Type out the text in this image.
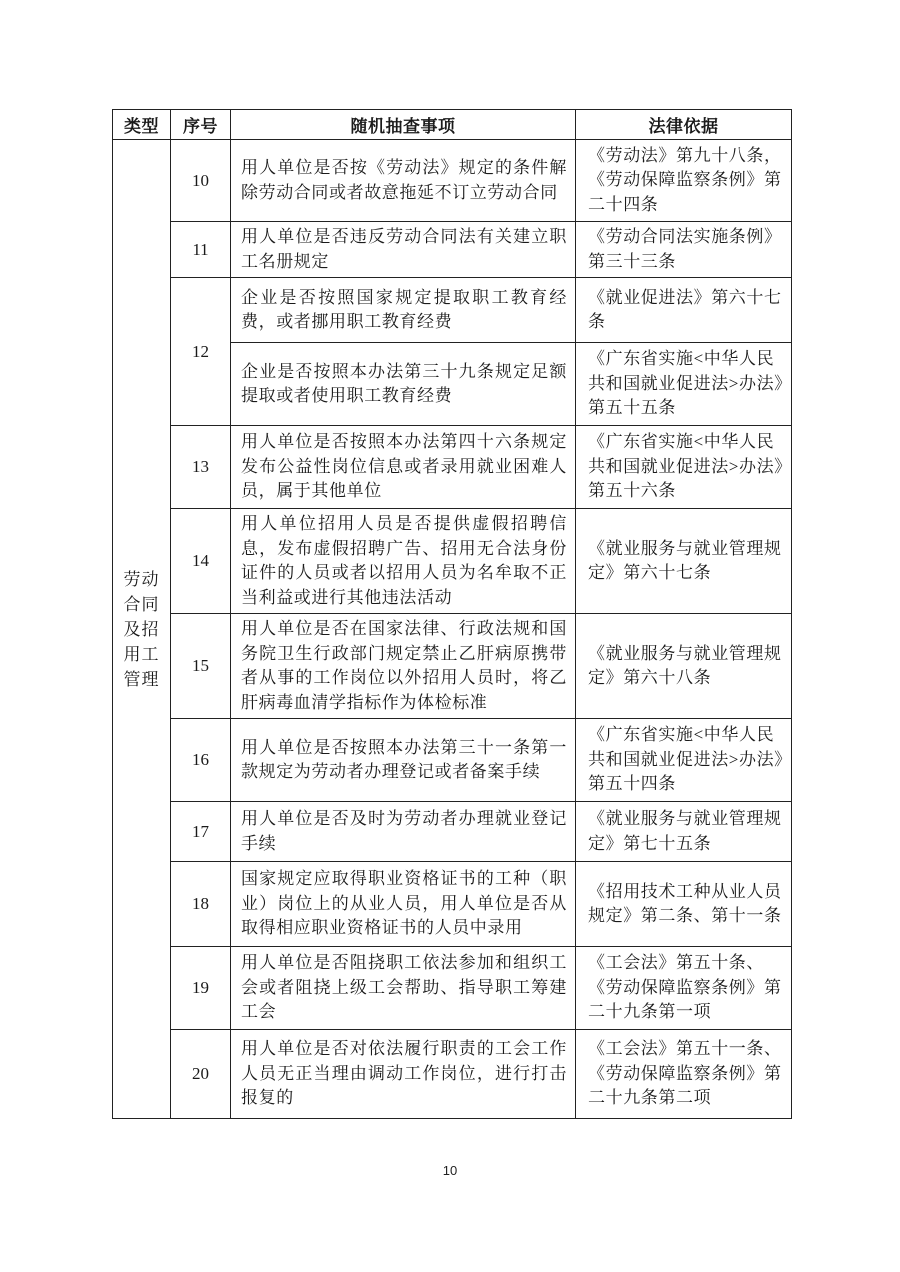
类型	序号	随机抽查事项	法律依据
劳动合同及招用工管理	10	用人单位是否按《劳动法》规定的条件解除劳动合同或者故意拖延不订立劳动合同	《劳动法》第九十八条，《劳动保障监察条例》第二十四条
	11	用人单位是否违反劳动合同法有关建立职工名册规定	《劳动合同法实施条例》第三十三条
	12	企业是否按照国家规定提取职工教育经费，或者挪用职工教育经费	《就业促进法》第六十七条
		企业是否按照本办法第三十九条规定足额提取或者使用职工教育经费	《广东省实施<中华人民共和国就业促进法>办法》第五十五条
	13	用人单位是否按照本办法第四十六条规定发布公益性岗位信息或者录用就业困难人员，属于其他单位	《广东省实施<中华人民共和国就业促进法>办法》第五十六条
	14	用人单位招用人员是否提供虚假招聘信息，发布虚假招聘广告、招用无合法身份证件的人员或者以招用人员为名牟取不正当利益或进行其他违法活动	《就业服务与就业管理规定》第六十七条
	15	用人单位是否在国家法律、行政法规和国务院卫生行政部门规定禁止乙肝病原携带者从事的工作岗位以外招用人员时，将乙肝病毒血清学指标作为体检标准	《就业服务与就业管理规定》第六十八条
	16	用人单位是否按照本办法第三十一条第一款规定为劳动者办理登记或者备案手续	《广东省实施<中华人民共和国就业促进法>办法》第五十四条
	17	用人单位是否及时为劳动者办理就业登记手续	《就业服务与就业管理规定》第七十五条
	18	国家规定应取得职业资格证书的工种（职业）岗位上的从业人员，用人单位是否从取得相应职业资格证书的人员中录用	《招用技术工种从业人员规定》第二条、第十一条
	19	用人单位是否阻挠职工依法参加和组织工会或者阻挠上级工会帮助、指导职工筹建工会	《工会法》第五十条、《劳动保障监察条例》第二十九条第一项
	20	用人单位是否对依法履行职责的工会工作人员无正当理由调动工作岗位，进行打击报复的	《工会法》第五十一条、《劳动保障监察条例》第二十九条第二项
10
